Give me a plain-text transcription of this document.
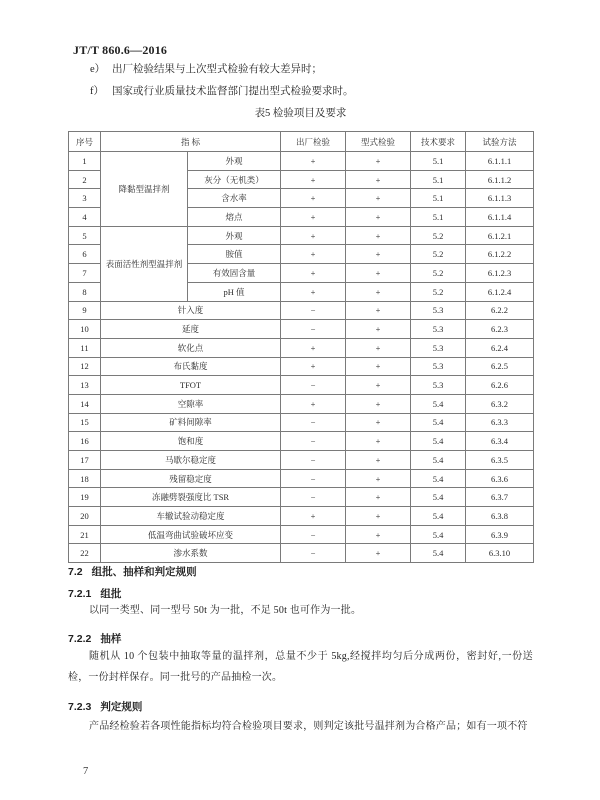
JT/T 860.6—2016
e） 出厂检验结果与上次型式检验有较大差异时；
f） 国家或行业质量技术监督部门提出型式检验要求时。
表5 检验项目及要求
序号	指 标		出厂检验	型式检验	技术要求	试验方法
1	降黏型温拌剂	外观	+	+	5.1	6.1.1.1
2		灰分（无机类）	+	+	5.1	6.1.1.2
3		含水率	+	+	5.1	6.1.1.3
4		熔点	+	+	5.1	6.1.1.4
5	表面活性剂型温拌剂	外观	+	+	5.2	6.1.2.1
6		胺值	+	+	5.2	6.1.2.2
7		有效固含量	+	+	5.2	6.1.2.3
8		pH 值	+	+	5.2	6.1.2.4
9	针入度		−	+	5.3	6.2.2
10	延度		−	+	5.3	6.2.3
11	软化点		+	+	5.3	6.2.4
12	布氏黏度		+	+	5.3	6.2.5
13	TFOT		−	+	5.3	6.2.6
14	空隙率		+	+	5.4	6.3.2
15	矿料间隙率		−	+	5.4	6.3.3
16	饱和度		−	+	5.4	6.3.4
17	马歇尔稳定度		−	+	5.4	6.3.5
18	残留稳定度		−	+	5.4	6.3.6
19	冻融劈裂强度比 TSR		−	+	5.4	6.3.7
20	车辙试验动稳定度		+	+	5.4	6.3.8
21	低温弯曲试验破坏应变		−	+	5.4	6.3.9
22	渗水系数		−	+	5.4	6.3.10
7.2 组批、抽样和判定规则
7.2.1 组批
以同一类型、同一型号 50t 为一批，不足 50t 也可作为一批。
7.2.2 抽样
随机从 10 个包装中抽取等量的温拌剂，总量不少于 5kg,经搅拌均匀后分成两份，密封好,一份送检，一份封样保存。同一批号的产品抽检一次。
7.2.3 判定规则
产品经检验若各项性能指标均符合检验项目要求，则判定该批号温拌剂为合格产品；如有一项不符
7
